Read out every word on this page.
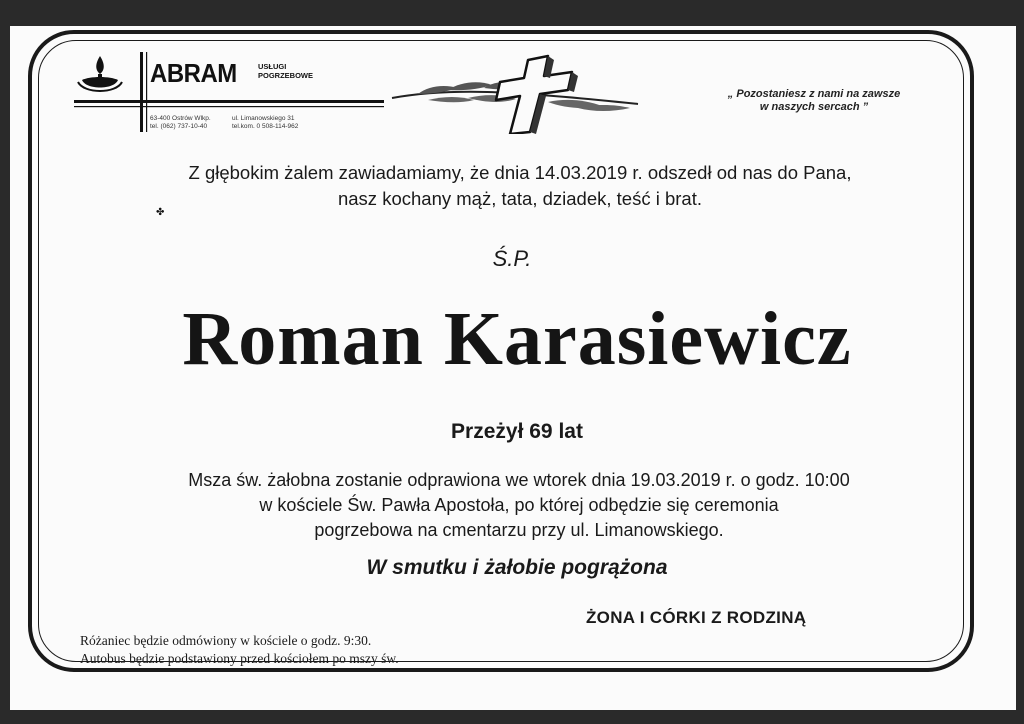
ABRAM	USŁUGI
POGRZEBOWE
63-400 Ostrów Wlkp.
tel. (062) 737-10-40
ul. Limanowskiego 31
tel.kom. 0 508-114-962
„ Pozostaniesz z nami na zawsze
w naszych sercach ”
Z głębokim żalem zawiadamiamy, że dnia 14.03.2019 r. odszedł od nas do Pana,
nasz kochany mąż, tata, dziadek, teść i brat.
✤
Ś.P.
Roman Karasiewicz
Przeżył 69 lat
Msza św. żałobna zostanie odprawiona we wtorek dnia 19.03.2019 r. o godz. 10:00
w kościele Św. Pawła Apostoła, po której odbędzie się ceremonia
pogrzebowa na cmentarzu przy ul. Limanowskiego.
W smutku i żałobie pogrążona
ŻONA I CÓRKI Z RODZINĄ
Różaniec będzie odmówiony w kościele o godz. 9:30.
Autobus będzie podstawiony przed kościołem po mszy św.
